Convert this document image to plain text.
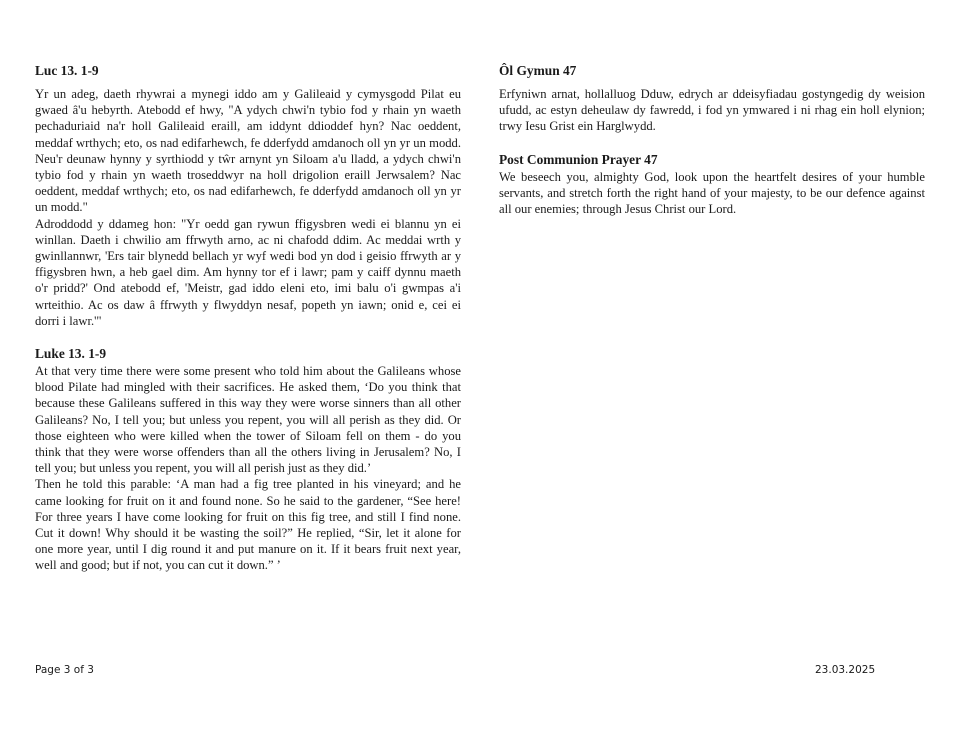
Luc 13. 1-9

Yr un adeg, daeth rhywrai a mynegi iddo am y Galileaid y cymysgodd Pilat eu gwaed â'u hebyrth. Atebodd ef hwy, "A ydych chwi'n tybio fod y rhain yn waeth pechaduriaid na'r holl Galileaid eraill, am iddynt ddioddef hyn? Nac oeddent, meddaf wrthych; eto, os nad edifarhewch, fe dderfydd amdanoch oll yn yr un modd. Neu'r deunaw hynny y syrthiodd y tŵr arnynt yn Siloam a'u lladd, a ydych chwi'n tybio fod y rhain yn waeth troseddwyr na holl drigolion eraill Jerwsalem? Nac oeddent, meddaf wrthych; eto, os nad edifarhewch, fe dderfydd amdanoch oll yn yr un modd."

Adroddodd y ddameg hon: "Yr oedd gan rywun ffigysbren wedi ei blannu yn ei winllan. Daeth i chwilio am ffrwyth arno, ac ni chafodd ddim. Ac meddai wrth y gwinllannwr, 'Ers tair blynedd bellach yr wyf wedi bod yn dod i geisio ffrwyth ar y ffigysbren hwn, a heb gael dim. Am hynny tor ef i lawr; pam y caiff dynnu maeth o'r pridd?' Ond atebodd ef, 'Meistr, gad iddo eleni eto, imi balu o'i gwmpas a'i wrteithio. Ac os daw â ffrwyth y flwyddyn nesaf, popeth yn iawn; onid e, cei ei dorri i lawr.'"

Luke 13. 1-9

At that very time there were some present who told him about the Galileans whose blood Pilate had mingled with their sacrifices. He asked them, ‘Do you think that because these Galileans suffered in this way they were worse sinners than all other Galileans? No, I tell you; but unless you repent, you will all perish as they did. Or those eighteen who were killed when the tower of Siloam fell on them - do you think that they were worse offenders than all the others living in Jerusalem? No, I tell you; but unless you repent, you will all perish just as they did.’

Then he told this parable: ‘A man had a fig tree planted in his vineyard; and he came looking for fruit on it and found none. So he said to the gardener, “See here! For three years I have come looking for fruit on this fig tree, and still I find none. Cut it down! Why should it be wasting the soil?” He replied, “Sir, let it alone for one more year, until I dig round it and put manure on it. If it bears fruit next year, well and good; but if not, you can cut it down.” ’

Ôl Gymun 47

Erfyniwn arnat, hollalluog Dduw, edrych ar ddeisyfiadau gostyngedig dy weision ufudd, ac estyn deheulaw dy fawredd, i fod yn ymwared i ni rhag ein holl elynion; trwy Iesu Grist ein Harglwydd.

Post Communion Prayer 47

We beseech you, almighty God, look upon the heartfelt desires of your humble servants, and stretch forth the right hand of your majesty, to be our defence against all our enemies; through Jesus Christ our Lord.

Page 3 of 3	23.03.2025
